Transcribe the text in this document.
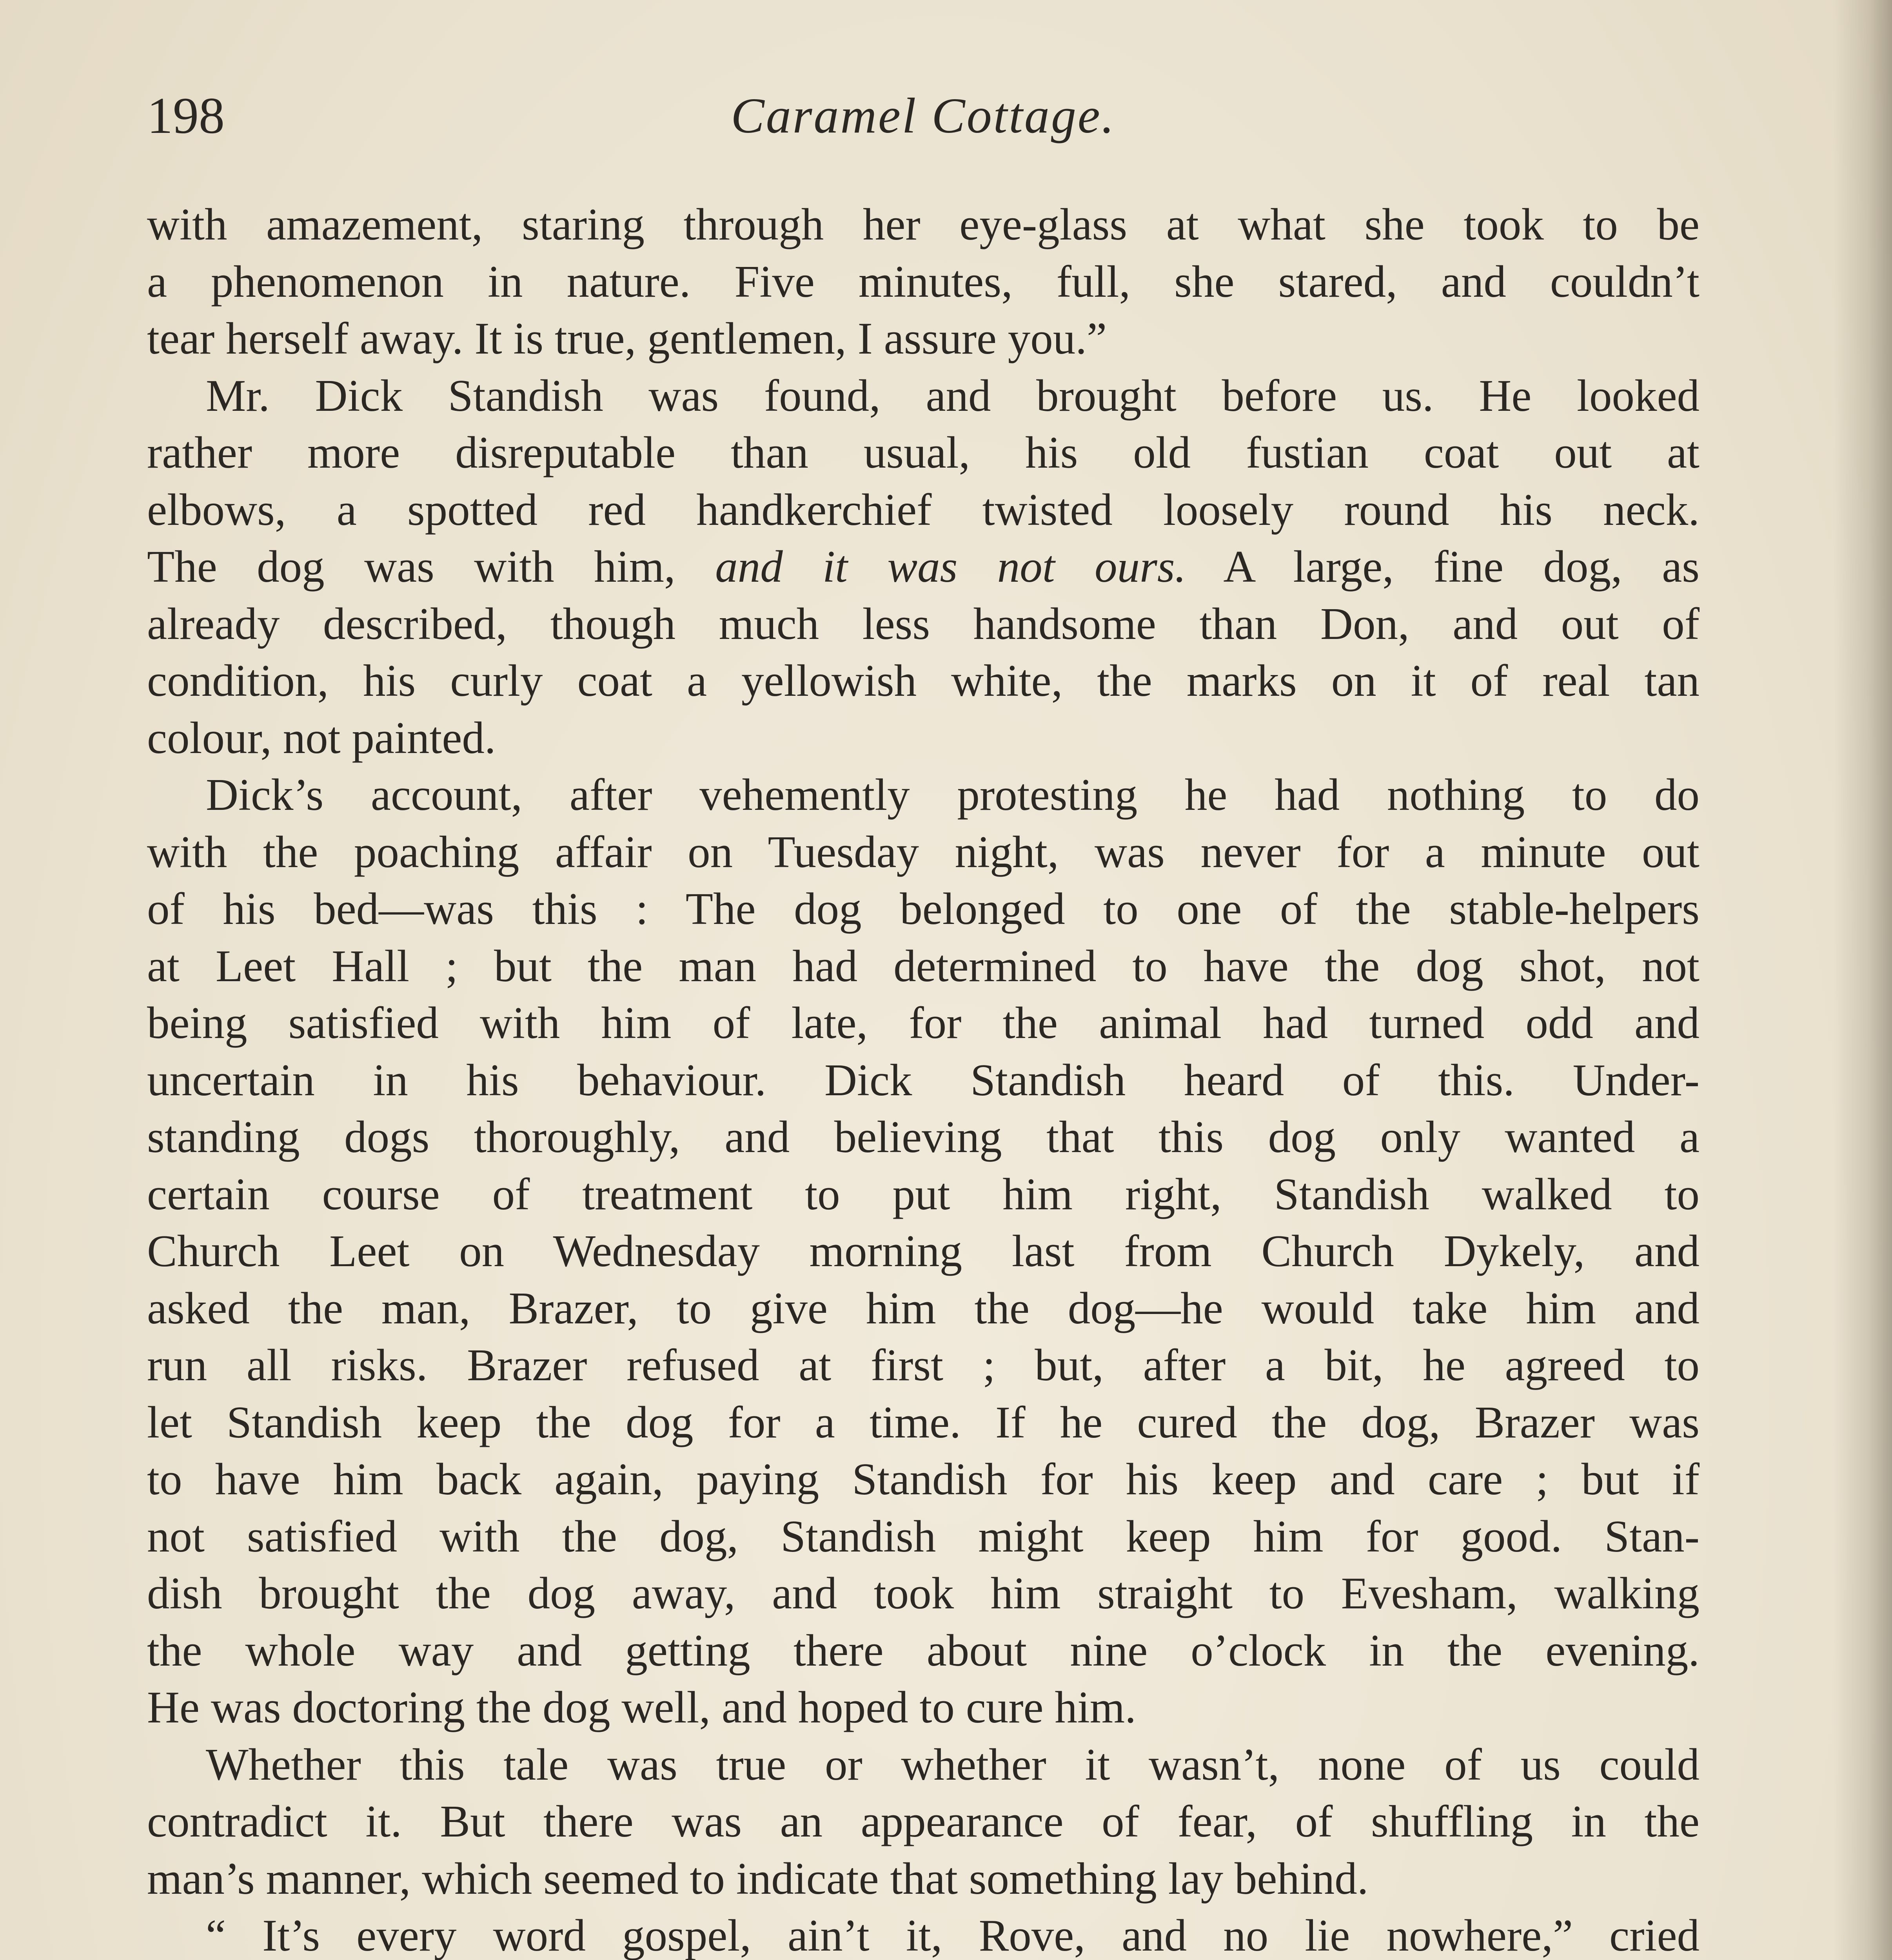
198	Caramel Cottage.
with amazement, staring through her eye-glass at what she took to be
a phenomenon in nature. Five minutes, full, she stared, and couldn’t
tear herself away. It is true, gentlemen, I assure you.”
Mr. Dick Standish was found, and brought before us. He looked
rather more disreputable than usual, his old fustian coat out at
elbows, a spotted red handkerchief twisted loosely round his neck.
The dog was with him, and it was not ours. A large, fine dog, as
already described, though much less handsome than Don, and out of
condition, his curly coat a yellowish white, the marks on it of real tan
colour, not painted.
Dick’s account, after vehemently protesting he had nothing to do
with the poaching affair on Tuesday night, was never for a minute out
of his bed—was this : The dog belonged to one of the stable-helpers
at Leet Hall ; but the man had determined to have the dog shot, not
being satisfied with him of late, for the animal had turned odd and
uncertain in his behaviour. Dick Standish heard of this. Under-
standing dogs thoroughly, and believing that this dog only wanted a
certain course of treatment to put him right, Standish walked to
Church Leet on Wednesday morning last from Church Dykely, and
asked the man, Brazer, to give him the dog—he would take him and
run all risks. Brazer refused at first ; but, after a bit, he agreed to
let Standish keep the dog for a time. If he cured the dog, Brazer was
to have him back again, paying Standish for his keep and care ; but if
not satisfied with the dog, Standish might keep him for good. Stan-
dish brought the dog away, and took him straight to Evesham, walking
the whole way and getting there about nine o’clock in the evening.
He was doctoring the dog well, and hoped to cure him.
Whether this tale was true or whether it wasn’t, none of us could
contradict it. But there was an appearance of fear, of shuffling in the
man’s manner, which seemed to indicate that something lay behind.
“ It’s every word gospel, ain’t it, Rove, and no lie nowhere,” cried
